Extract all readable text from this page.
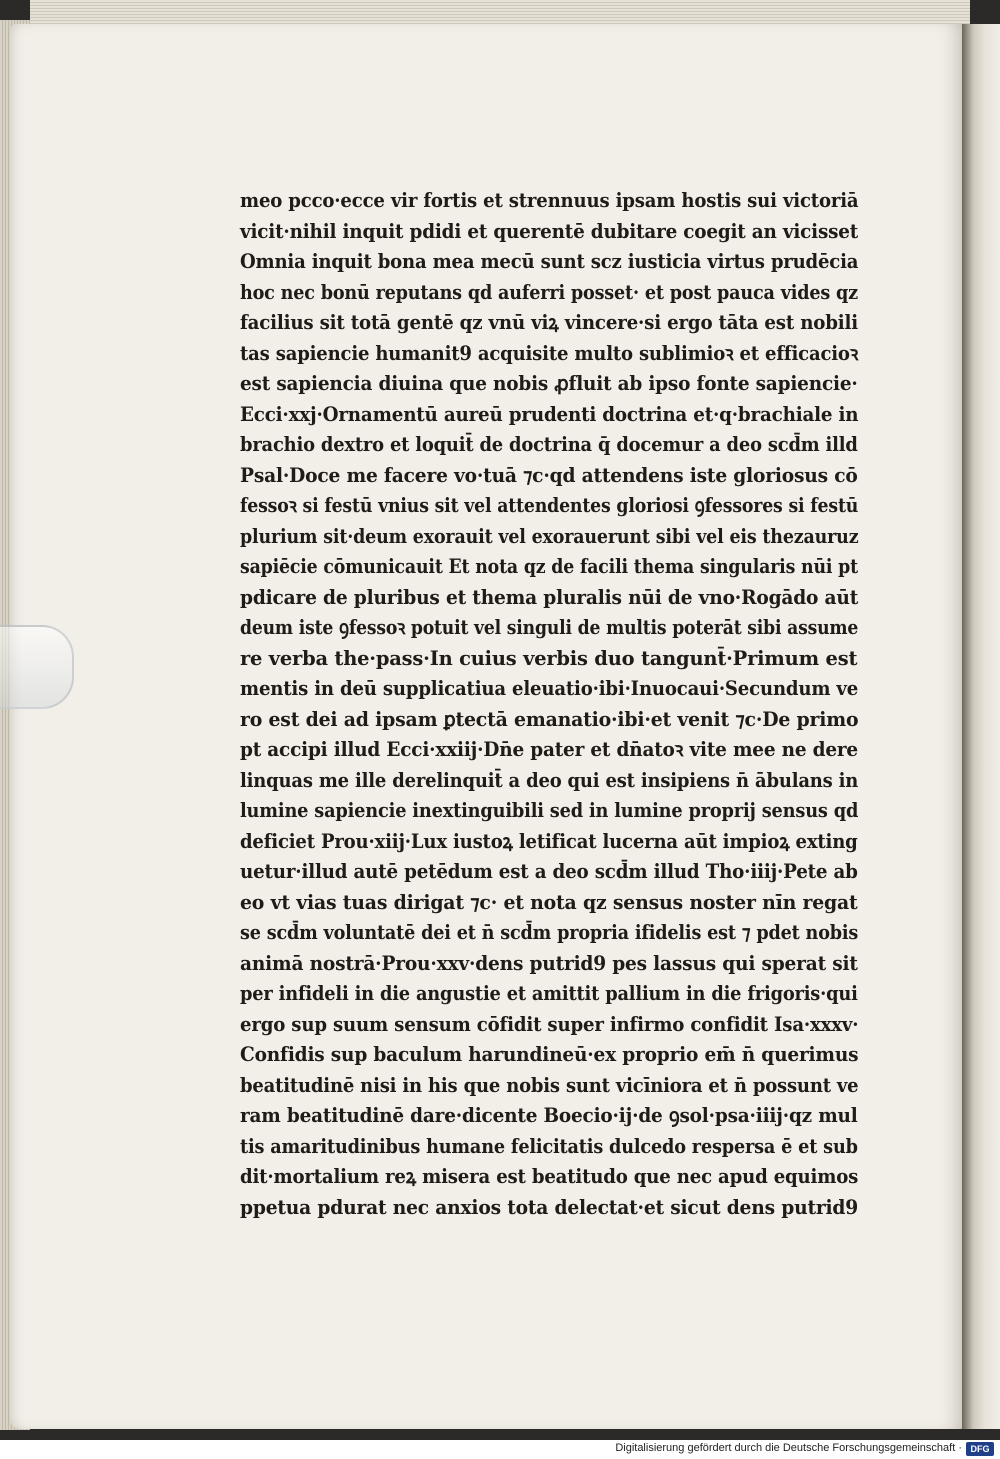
meo pcco·ecce vir fortis et strennuus ipsam hostis sui victoriā
vicit·nihil inquit pdidi et querentē dubitare coegit an vicisset
Omnia inquit bona mea mecū sunt scz iusticia virtus prudēcia
hoc nec bonū reputans qd auferri posset· et post pauca vides qz
facilius sit totā gentē qz vnū viꝝ vincere·si ergo tāta est nobili
tas sapiencie humanit9 acquisite multo sublimioꝛ et efficacioꝛ
est sapiencia diuina que nobis ꝓfluit ab ipso fonte sapiencie·
Ecci·xxj·Ornamentū aureū prudenti doctrina et·q·brachiale in
brachio dextro et loquit̄ de doctrina q̄ docemur a deo scd̄m illd
Psal·Doce me facere vo·tuā ⁊c·qd attendens iste gloriosus cō
fessoꝛ si festū vnius sit vel attendentes gloriosi ꝯfessores si festū
plurium sit·deum exorauit vel exorauerunt sibi vel eis thezauruz
sapiēcie cōmunicauit Et nota qz de facili thema singularis nūi pt
pdicare de pluribus et thema pluralis nūi de vno·Rogādo aūt
deum iste ꝯfessoꝛ potuit vel singuli de multis poterāt sibi assume
re verba the·pass·In cuius verbis duo tangunt̄·Primum est
mentis in deū supplicatiua eleuatio·ibi·Inuocaui·Secundum ve
ro est dei ad ipsam ꝑtectā emanatio·ibi·et venit ⁊c·De primo
pt accipi illud Ecci·xxiij·Dn̄e pater et dn̄atoꝛ vite mee ne dere
linquas me ille derelinquit̄ a deo qui est insipiens n̄ ābulans in
lumine sapiencie inextinguibili sed in lumine proprij sensus qd
deficiet Prou·xiij·Lux iustoꝝ letificat lucerna aūt impioꝝ exting
uetur·illud autē petēdum est a deo scd̄m illud Tho·iiij·Pete ab
eo vt vias tuas dirigat ⁊c· et nota qz sensus noster nīn regat
se scd̄m voluntatē dei et n̄ scd̄m propria ifidelis est ⁊ pdet nobis
animā nostrā·Prou·xxv·dens putrid9 pes lassus qui sperat sit
per infideli in die angustie et amittit pallium in die frigoris·qui
ergo sup suum sensum cōfidit super infirmo confidit Isa·xxxv·
Confidis sup baculum harundineū·ex proprio em̄ n̄ querimus
beatitudinē nisi in his que nobis sunt vicīniora et n̄ possunt ve
ram beatitudinē dare·dicente Boecio·ij·de ꝯsol·psa·iiij·qz mul
tis amaritudinibus humane felicitatis dulcedo respersa ē et sub
dit·mortalium reꝝ misera est beatitudo que nec apud equimos
ppetua pdurat nec anxios tota delectat·et sicut dens putrid9
Digitalisierung gefördert durch die Deutsche Forschungsgemeinschaft · DFG
